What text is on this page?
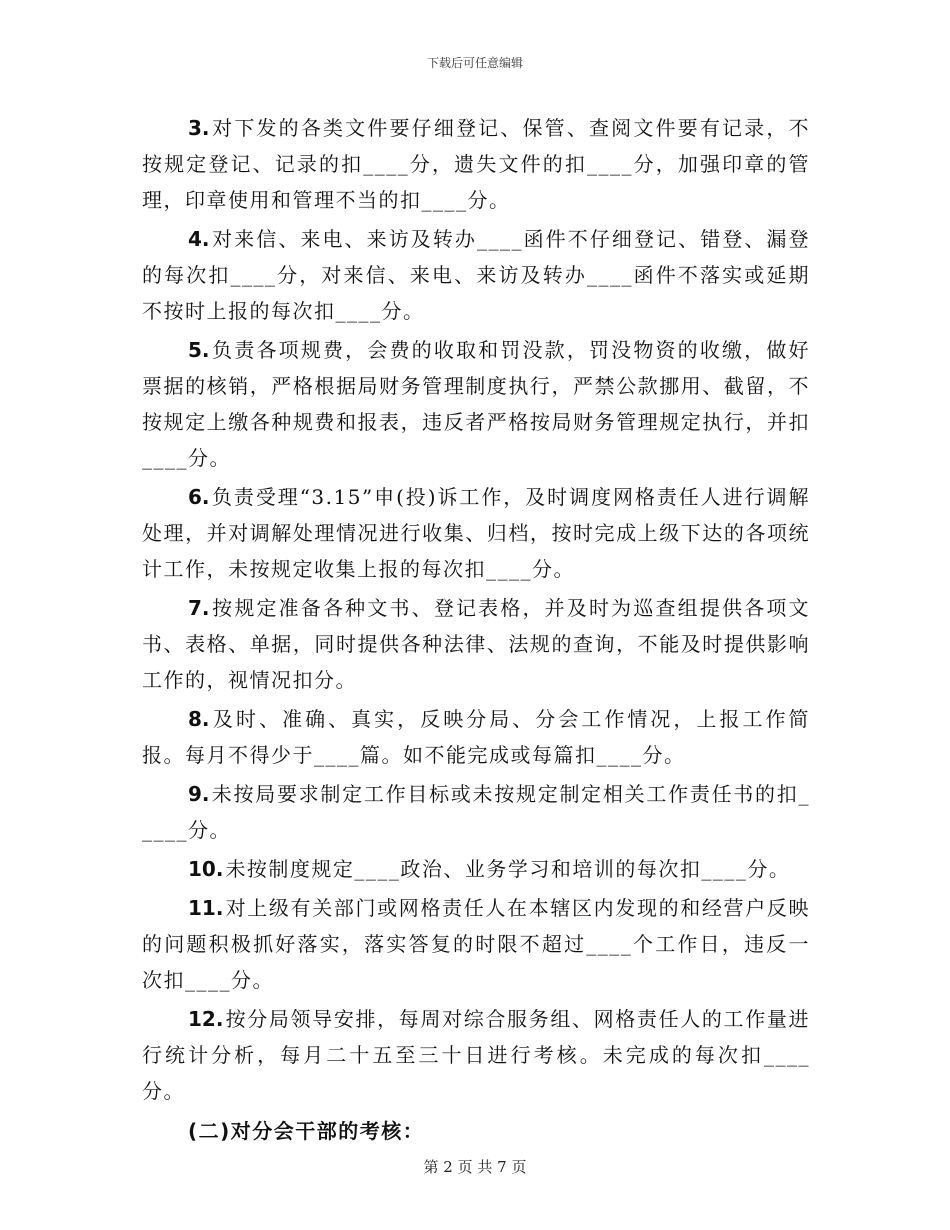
下载后可任意编辑

3. 对下发的各类文件要仔细登记、保管、查阅文件要有记录，不按规定登记、记录的扣____分，遗失文件的扣____分，加强印章的管理，印章使用和管理不当的扣____分。

4. 对来信、来电、来访及转办____函件不仔细登记、错登、漏登的每次扣____分，对来信、来电、来访及转办____函件不落实或延期不按时上报的每次扣____分。

5. 负责各项规费，会费的收取和罚没款，罚没物资的收缴，做好票据的核销，严格根据局财务管理制度执行，严禁公款挪用、截留，不按规定上缴各种规费和报表，违反者严格按局财务管理规定执行，并扣____分。

6. 负责受理“3.15”申(投)诉工作，及时调度网格责任人进行调解处理，并对调解处理情况进行收集、归档，按时完成上级下达的各项统计工作，未按规定收集上报的每次扣____分。

7. 按规定准备各种文书、登记表格，并及时为巡查组提供各项文书、表格、单据，同时提供各种法律、法规的查询，不能及时提供影响工作的，视情况扣分。

8. 及时、准确、真实，反映分局、分会工作情况，上报工作简报。每月不得少于____篇。如不能完成或每篇扣____分。

9. 未按局要求制定工作目标或未按规定制定相关工作责任书的扣_____分。

10. 未按制度规定____政治、业务学习和培训的每次扣____分。

11. 对上级有关部门或网格责任人在本辖区内发现的和经营户反映的问题积极抓好落实，落实答复的时限不超过____个工作日，违反一次扣____分。

12. 按分局领导安排，每周对综合服务组、网格责任人的工作量进行统计分析，每月二十五至三十日进行考核。未完成的每次扣____分。

(二)对分会干部的考核：

第 2 页 共 7 页
